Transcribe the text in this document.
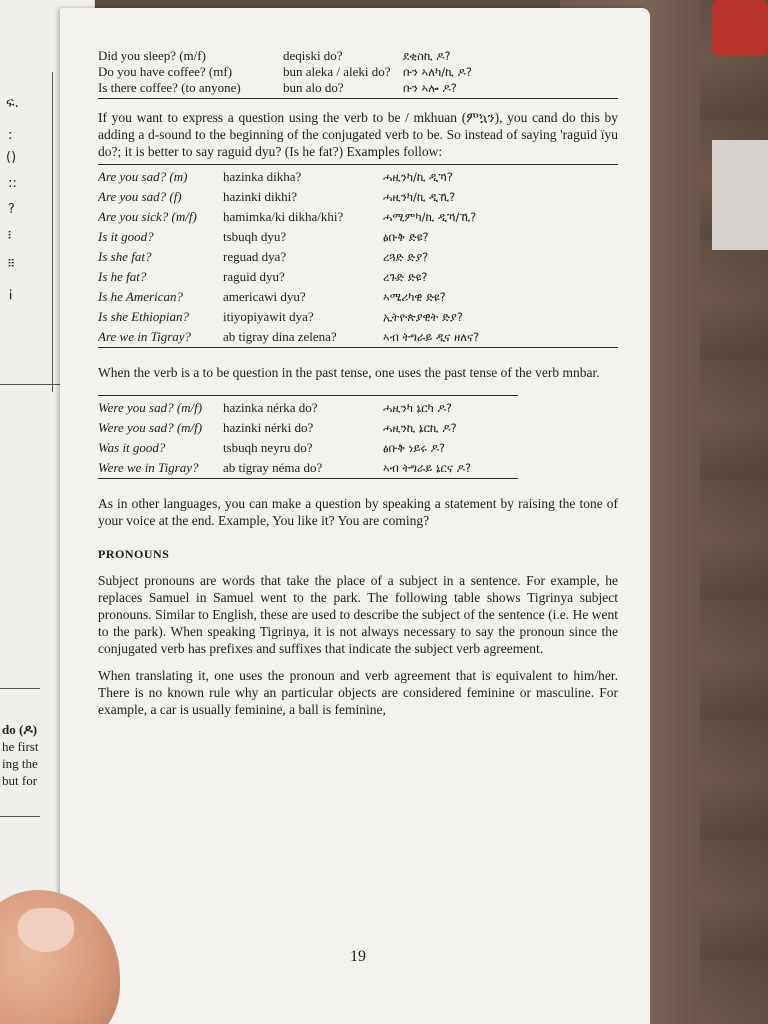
ፍ.
:
()
::
?
፧
፧፧
¡
do (ዶ)
he first
ing the
but for
Did you sleep? (m/f)	deqiski do?	ደቂስኪ ዶ?
Do you have coffee? (mf)	bun aleka / aleki do?	ቡን ኣለካ/ኪ ዶ?
Is there coffee? (to anyone)	bun alo do?	ቡን ኣሎ ዶ?

If you want to express a question using the verb to be / mkhuan (ምኳን), you cand do this by adding a d-sound to the beginning of the conjugated verb to be. So instead of saying 'raguid ïyu do?; it is better to say raguid dyu? (Is he fat?) Examples follow:

Are you sad? (m)	hazinka dikha?	ሓዚንካ/ኪ ዲኻ?
Are you sad? (f)	hazinki dikhi?	ሓዚንካ/ኪ ዲኺ?
Are you sick? (m/f)	hamimka/ki dikha/khi?	ሓሚምካ/ኪ ዲኻ/ኺ?
Is it good?	tsbuqh dyu?	ፅቡቅ ድዩ?
Is she fat?	reguad dya?	ረጓድ ድያ?
Is he fat?	raguid dyu?	ረጉድ ድዩ?
Is he American?	americawi dyu?	ኣሜሪካዊ ድዩ?
Is she Ethiopian?	itiyopiyawit dya?	ኢትዮጵያዊት ድያ?
Are we in Tigray?	ab tigray dina zelena?	ኣብ ትግራይ ዲና ዘለና?

When the verb is a to be question in the past tense, one uses the past tense of the verb mnbar.

Were you sad? (m/f)	hazinka nérka do?	ሓዚንካ ኔርካ ዶ?
Were you sad? (m/f)	hazinki nérki do?	ሓዚንኪ ኔርኪ ዶ?
Was it good?	tsbuqh neyru do?	ፅቡቅ ነይሩ ዶ?
Were we in Tigray?	ab tigray néma do?	ኣብ ትግራይ ኔርና ዶ?

As in other languages, you can make a question by speaking a statement by raising the tone of your voice at the end. Example, You like it? You are coming?

PRONOUNS

Subject pronouns are words that take the place of a subject in a sentence. For example, he replaces Samuel in Samuel went to the park. The following table shows Tigrinya subject pronouns. Similar to English, these are used to describe the subject of the sentence (i.e. He went to the park). When speaking Tigrinya, it is not always necessary to say the pronoun since the conjugated verb has prefixes and suffixes that indicate the subject verb agreement.

When translating it, one uses the pronoun and verb agreement that is equivalent to him/her. There is no known rule why an particular objects are considered feminine or masculine. For example, a car is usually feminine, a ball is feminine,

19
